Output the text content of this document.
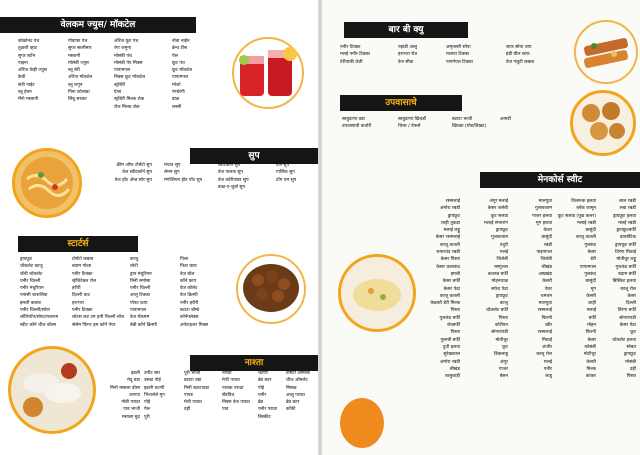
वेलकम ज्युस/ मॉकटेल
कोकोनट पंच
तुळशी व्हाट
सुपर स्टॉम
पाइना
ऑरेंज वेव्ही ज्युस
केवी
संत्री नाईट
ब्लू हेवन
मँगो मस्तानी
गोवाफा पंच
सुपर सालीमार
मस्तानी
मोसंबी ज्युस
ब्लू बेरी
ऑरेंज मॉकटेल
ब्लू लगून
पिना कोलाडा
लिंबू सरबत
ऑरेंज फ्रूट पंच
रंगा जमुना
मोसंबी पंच
मोसंबी पेप मिक्स
पापामपल
मिक्स फ्रूट मॉकटेल
स्ट्रॉबेरी
ग्रेप्स
स्ट्रॉबेरी मिल्क शेक
रोज मिल्क शेक
नोवा नाईन
ब्रेन्च टीस
पेरू
फ्रूट पंच
फ्रूट मॉकटेल
पापामपल
मोजो
रंगबेरंगी
डाळ
लस्सी
सुप
क्रीम ऑफ टोमॅटो सुप
वेज स्वीटकॉर्न सुप
वेज हॉट ॲन्ड सोर सुप
मंचाउ सुप
लेमन सुप
मंगोलियन हॉट पॉट सुप
स्वीटकॉर्न सुप
वेज पालक सुप
वेज कोरीयांडर सुप
डाळ-ए-शुर्बा सुप
वेज सुप
गार्लिक सुप
टॉम यम सुप
स्टार्टर्स
ड्रायफ्रूट
चॉकलेट काजू
जॅली चॉकलेट
पनीर चिल्ली
पनीर मंचुरियन
पनासी शाशलिक
इमली कबाब
पनीर चिल्ली/सोया
लॉलिपॉप/सोया/मशरूम
स्वीट कॉर्न चीज बॉल्स
टोमॅटो कबाब
बदाम गोल्ड
पनीर टिक्का
व्हेजिटेबल रोल
हरीरी
दिल्ली चाट
हराभरा
पनीर टिक्का
लोटस कट टम हनी चिल्ली लॉज
सेसेम फिंगर हम कॉर्न पेपर
काजु
लोटी
ड्राय मंचुरियन
मिनी समोसा
पनीर चिल्ली
आलू टिक्का
पोपट फ्राय
पापामपल
वेज मॅकमम
बेबी कॉर्न क्रिस्पी
पिला
फिश फ्राय
वेज बॉल
कॉर्न फ्राय
वेज कॉलेट
वेज क्रिस्पी
पनीर हरीरी
बटाटा बॉम्बे
कॉर्नफ्लेक्स
अपेटाइजर मिक्स
नाश्ता
इडली
मेदू वडा
मिनी मसाला डोसा
उत्तप्पा
गोबी पराठा
पाव भाजी
मसाला मुढ
उपीट सार
उसळ पोहे
इडली चटणी
भिजलेले मूग
पोहे
पेरू
पुरी
पुरी भाजी
बटाटा वडा
मिनी बटाटावडा
पापड
मेथी पराठा
दही
पराठा
मेथी पराठा
पालक पराठा
सँडविच
मिक्स वेज पराठा
पाव
चटणी
ब्रेड बटर
पोहे
पनीर
ब्रेड
पनीर पराठा
बिस्कीट
टोमॅटो ऑमलेट
चीज ऑमलेट
मिसळ
आलु पराठा
ब्रेड बटर
कॉफी
बार बी क्यु
पनीर टिक्का
मलई पनीर टिक्का
टेरीयाकी वेजी
पहाडी आलु
हराभरा रोल
वेज सीक
अमृतसरी सोया
मलाया टिक्का
पापनेपल टिक्का
स्टफ सोया चाप
हंडी ग्रील स्टफ
वेज गलुटी कबाब
उपवासाचे
साबुदाणा वडा
उपवासाची कचोरी
साबुदाणा खिचडी
चिप्स / वेफर्स
बटाटा भाजी
खिचडा (गोड/तिखट)
आमटी
मेनकोर्स स्वीट
रसमलाई
अंगोरा रबडी
ड्रायफ्रूट
शाही तुकडा
मलाई लड्डू
केसर रसमलाई
काजू कतली
सफरचंद रबडी
केसर पिस्ता
केसर कलाकंद
इमली
केसर बर्फी
केसर पेढा
काजू कतली
केडबरी डेरी मिल्क
पिस्ता
गुलकंद बर्फी
शेवबर्फी
पिस्ता
गुलाबी बर्फी
दुधी हलवा
सुरेखकाल
अंगोरा रबडी
श्रीखंड
बालुशाही
अंगूर मलाई
केसर जलेबी
फ्रूट सलाड
मलाई संभारांग
ड्रायफ्रूट
गुलाबजाम
तंदुरी
मलई
जिलेबी
रसगुल्ला
कतरुड बर्फी
मोहनथाळ
सफेद पेढा
ड्रायफ्रूट
काजू
चॉकलेट बर्फी
पिस्ता
कोरीयन
सोनपापडी
मोतीचूर
फ्रूट
डिंकलाडू
अंगूर
गाजर
बेसन
मालपुवा
गुलाबजाम
गाजर हलवा
मूग हलवा
केशर
बासुंदी
रबडी
पाइनापल
जिलेबी
श्रीखंड
आम्रखंड
केसरी
घेवर
चमचम
मालपुवा
रसमलाई
फिरनी
खीर
रसमलाई
मिठाई
अंजीर
काजू रोल
मलई
पनीर
लाडू
तिलरूक हलवा
ब्लॅक जामून
फ्रूट सलाड (फूड कलर)
मलाई रबडी
बासुंदी
काजू कतली
गुलकंद
केसर
डेरी
पापामपल
गुलकंद
बासुंदी
मूग
केसरी
शाही
मलाई
बर्फी
मोहन
फिरनी
केसर
कोसंबी
मोटीचूर
केसरी
मिल्क
कांकर
लाल रबडी
लबा रबडी
ड्रायफ्रूट हलवा
मलई रबडी
ड्रायफ्रूटबर्फी
डायबेटिक
ड्रायफ्रूट बर्फी
तिरंगा मिठाई
मोतीचूर लड्डू
गुलकंद बर्फी
बदाम बर्फी
बिस्किट हलवा
काजू रोल
केसर
दिल्ली
तिरंगा बर्फी
सोनपापडी
केसर पेढा
फ्रूट
चॉकलेट हलवा
सोबत
ड्रायफ्रूट
मोसंबी
दही
पिस्ता
